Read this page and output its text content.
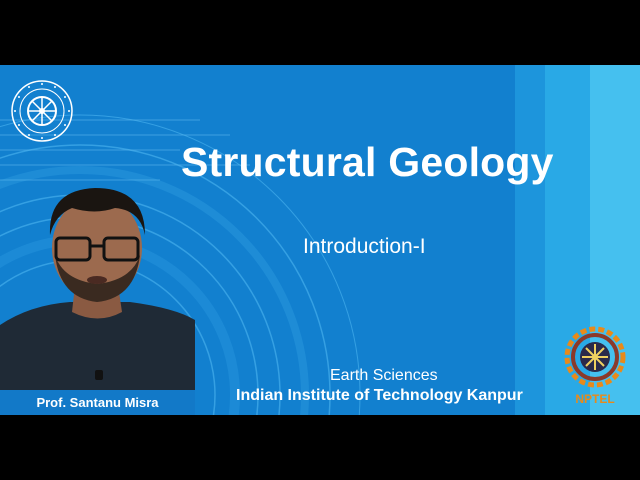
Structural Geology
Introduction-I
Earth Sciences
Indian Institute of Technology Kanpur
Prof. Santanu Misra	NPTEL
